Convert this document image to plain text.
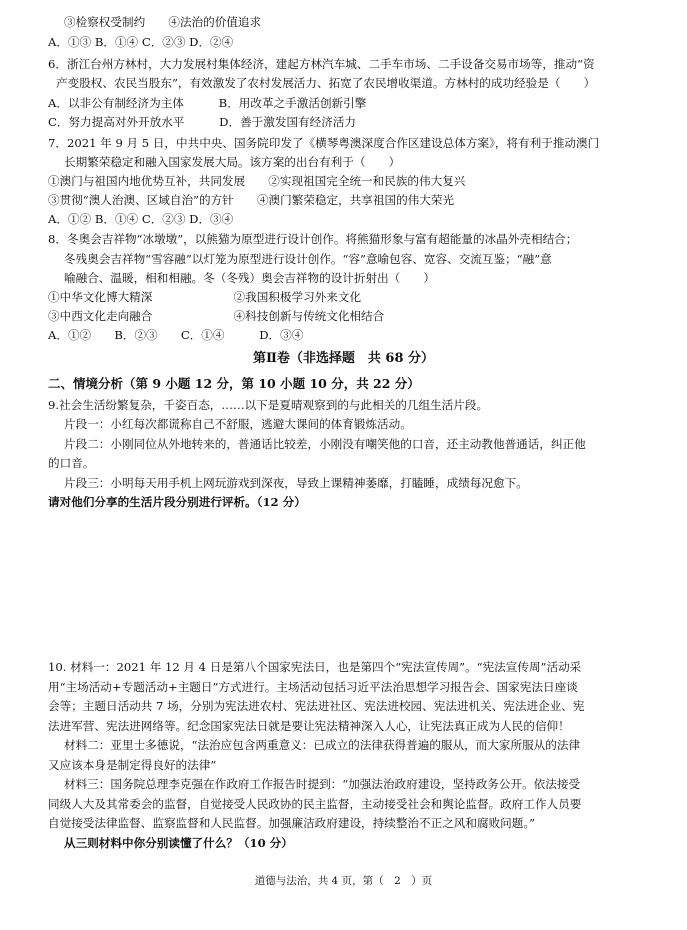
③检察权受制约　　④法治的价值追求
A．①③ B．①④ C．②③ D．②④
6．浙江台州方林村，大力发展村集体经济，建起方林汽车城、二手车市场、二手设备交易市场等，推动“资
产变股权、农民当股东”，有效激发了农村发展活力、拓宽了农民增收渠道。方林村的成功经验是（　　）
A．以非公有制经济为主体　　　B．用改革之手激活创新引擎
C．努力提高对外开放水平　　　D．善于激发国有经济活力
7．2021 年 9 月 5 日，中共中央、国务院印发了《横琴粤澳深度合作区建设总体方案》，将有利于推动澳门
长期繁荣稳定和融入国家发展大局。该方案的出台有利于（　　）
①澳门与祖国内地优势互补，共同发展　　②实现祖国完全统一和民族的伟大复兴
③贯彻“澳人治澳、区域自治”的方针　　④澳门繁荣稳定，共享祖国的伟大荣光
A．①② B．①④ C．②③ D．③④
8．冬奥会吉祥物“冰墩墩”，以熊猫为原型进行设计创作。将熊猫形象与富有超能量的冰晶外壳相结合；
冬残奥会吉祥物“雪容融”以灯笼为原型进行设计创作。“容”意喻包容、宽容、交流互鉴；“融”意
喻融合、温暖，相和相融。冬（冬残）奥会吉祥物的设计折射出（　　）
①中华文化博大精深　　　　　　　②我国积极学习外来文化
③中西文化走向融合　　　　　　　④科技创新与传统文化相结合
A．①②　　B．②③　　C．①④　　　D．③④
第Ⅱ卷（非选择题　共 68 分）
二、情境分析（第 9 小题 12 分，第 10 小题 10 分，共 22 分）
9.社会生活纷繁复杂，千姿百态，……以下是夏晴观察到的与此相关的几组生活片段。
片段一：小红每次都谎称自己不舒服，逃避大课间的体育锻炼活动。
片段二：小刚同位从外地转来的，普通话比较差，小刚没有嘲笑他的口音，还主动教他普通话，纠正他
的口音。
片段三：小明每天用手机上网玩游戏到深夜，导致上课精神萎靡，打瞌睡，成绩每况愈下。
请对他们分享的生活片段分别进行评析。（12 分）
10. 材料一：2021 年 12 月 4 日是第八个国家宪法日，也是第四个“宪法宣传周”。“宪法宣传周”活动采
用“主场活动+专题活动+主题日”方式进行。主场活动包括习近平法治思想学习报告会、国家宪法日座谈
会等；主题日活动共 7 场，分别为宪法进农村、宪法进社区、宪法进校园、宪法进机关、宪法进企业、宪
法进军营、宪法进网络等。纪念国家宪法日就是要让宪法精神深入人心，让宪法真正成为人民的信仰！
材料二：亚里士多德说，“法治应包含两重意义：已成立的法律获得普遍的服从，而大家所服从的法律
又应该本身是制定得良好的法律”
材料三：国务院总理李克强在作政府工作报告时提到：“加强法治政府建设，坚持政务公开。依法接受
同级人大及其常委会的监督，自觉接受人民政协的民主监督，主动接受社会和舆论监督。政府工作人员要
自觉接受法律监督、监察监督和人民监督。加强廉洁政府建设，持续整治不正之风和腐败问题。”
从三则材料中你分别读懂了什么？（10 分）
道德与法治，共 4 页，第（　2　）页
